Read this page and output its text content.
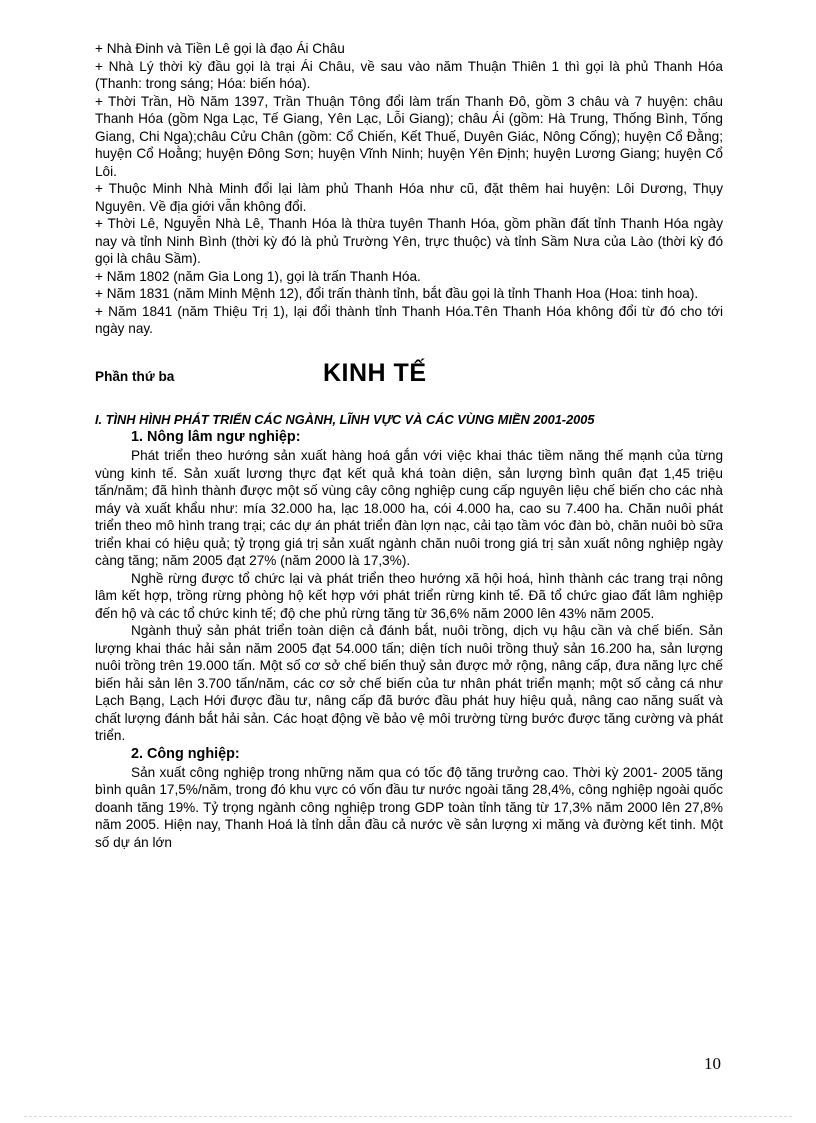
+ Nhà Đinh và Tiền Lê gọi là đạo Ái Châu

+ Nhà Lý thời kỳ đầu gọi là trại Ái Châu, về sau vào năm Thuận Thiên 1 thì gọi là phủ Thanh Hóa (Thanh: trong sáng; Hóa: biến hóa).

+ Thời Trần, Hồ Năm 1397, Trần Thuận Tông đổi làm trấn Thanh Đô, gồm 3 châu và 7 huyện: châu Thanh Hóa (gồm Nga Lạc, Tế Giang, Yên Lạc, Lỗi Giang); châu Ái (gồm: Hà Trung, Thống Bình, Tống Giang, Chi Nga);châu Cửu Chân (gồm: Cổ Chiến, Kết Thuế, Duyên Giác, Nông Cống); huyện Cổ Đằng; huyện Cổ Hoằng; huyện Đông Sơn; huyện Vĩnh Ninh; huyện Yên Định; huyện Lương Giang; huyện Cổ Lôi.

+ Thuộc Minh Nhà Minh đổi lại làm phủ Thanh Hóa như cũ, đặt thêm hai huyện: Lôi Dương, Thụy Nguyên. Về địa giới vẫn không đổi.

+ Thời Lê, Nguyễn Nhà Lê, Thanh Hóa là thừa tuyên Thanh Hóa, gồm phần đất tỉnh Thanh Hóa ngày nay và tỉnh Ninh Bình (thời kỳ đó là phủ Trường Yên, trực thuộc) và tỉnh Sầm Nưa của Lào (thời kỳ đó gọi là châu Sầm).

+ Năm 1802 (năm Gia Long 1), gọi là trấn Thanh Hóa.

+ Năm 1831 (năm Minh Mệnh 12), đổi trấn thành tỉnh, bắt đầu gọi là tỉnh Thanh Hoa (Hoa: tinh hoa).

+ Năm 1841 (năm Thiệu Trị 1), lại đổi thành tỉnh Thanh Hóa.Tên Thanh Hóa không đổi từ đó cho tới ngày nay.

Phần thứ ba	KINH TẾ
I. TÌNH HÌNH PHÁT TRIỂN CÁC NGÀNH, LĨNH VỰC VÀ CÁC VÙNG MIỀN 2001-2005
1. Nông lâm ngư nghiệp:

Phát triển theo hướng sản xuất hàng hoá gắn với việc khai thác tiềm năng thế mạnh của từng vùng kinh tế. Sản xuất lương thực đạt kết quả khá toàn diện, sản lượng bình quân đạt 1,45 triệu tấn/năm; đã hình thành được một số vùng cây công nghiệp cung cấp nguyên liệu chế biến cho các nhà máy và xuất khẩu như: mía 32.000 ha, lạc 18.000 ha, cói 4.000 ha, cao su 7.400 ha. Chăn nuôi phát triển theo mô hình trang trại; các dự án phát triển đàn lợn nạc, cải tạo tầm vóc đàn bò, chăn nuôi bò sữa triển khai có hiệu quả; tỷ trọng giá trị sản xuất ngành chăn nuôi trong giá trị sản xuất nông nghiệp ngày càng tăng; năm 2005 đạt 27% (năm 2000 là 17,3%).

Nghề rừng được tổ chức lại và phát triển theo hướng xã hội hoá, hình thành các trang trại nông lâm kết hợp, trồng rừng phòng hộ kết hợp với phát triển rừng kinh tế. Đã tổ chức giao đất lâm nghiệp đến hộ và các tổ chức kinh tế; độ che phủ rừng tăng từ 36,6% năm 2000 lên 43% năm 2005.

Ngành thuỷ sản phát triển toàn diện cả đánh bắt, nuôi trồng, dịch vụ hậu cần và chế biến. Sản lượng khai thác hải sản năm 2005 đạt 54.000 tấn; diện tích nuôi trồng thuỷ sản 16.200 ha, sản lượng nuôi trồng trên 19.000 tấn. Một số cơ sở chế biến thuỷ sản được mở rộng, nâng cấp, đưa năng lực chế biến hải sản lên 3.700 tấn/năm, các cơ sở chế biến của tư nhân phát triển mạnh; một số cảng cá như Lạch Bạng, Lạch Hới được đầu tư, nâng cấp đã bước đầu phát huy hiệu quả, nâng cao năng suất và chất lượng đánh bắt hải sản. Các hoạt động về bảo vệ môi trường từng bước được tăng cường và phát triển.

2. Công nghiệp:

Sản xuất công nghiệp trong những năm qua có tốc độ tăng trưởng cao. Thời kỳ 2001- 2005 tăng bình quân 17,5%/năm, trong đó khu vực có vốn đầu tư nước ngoài tăng 28,4%, công nghiệp ngoài quốc doanh tăng 19%. Tỷ trọng ngành công nghiệp trong GDP toàn tỉnh tăng từ 17,3% năm 2000 lên 27,8% năm 2005. Hiện nay, Thanh Hoá là tỉnh dẫn đầu cả nước về sản lượng xi măng và đường kết tinh. Một số dự án lớn

10
